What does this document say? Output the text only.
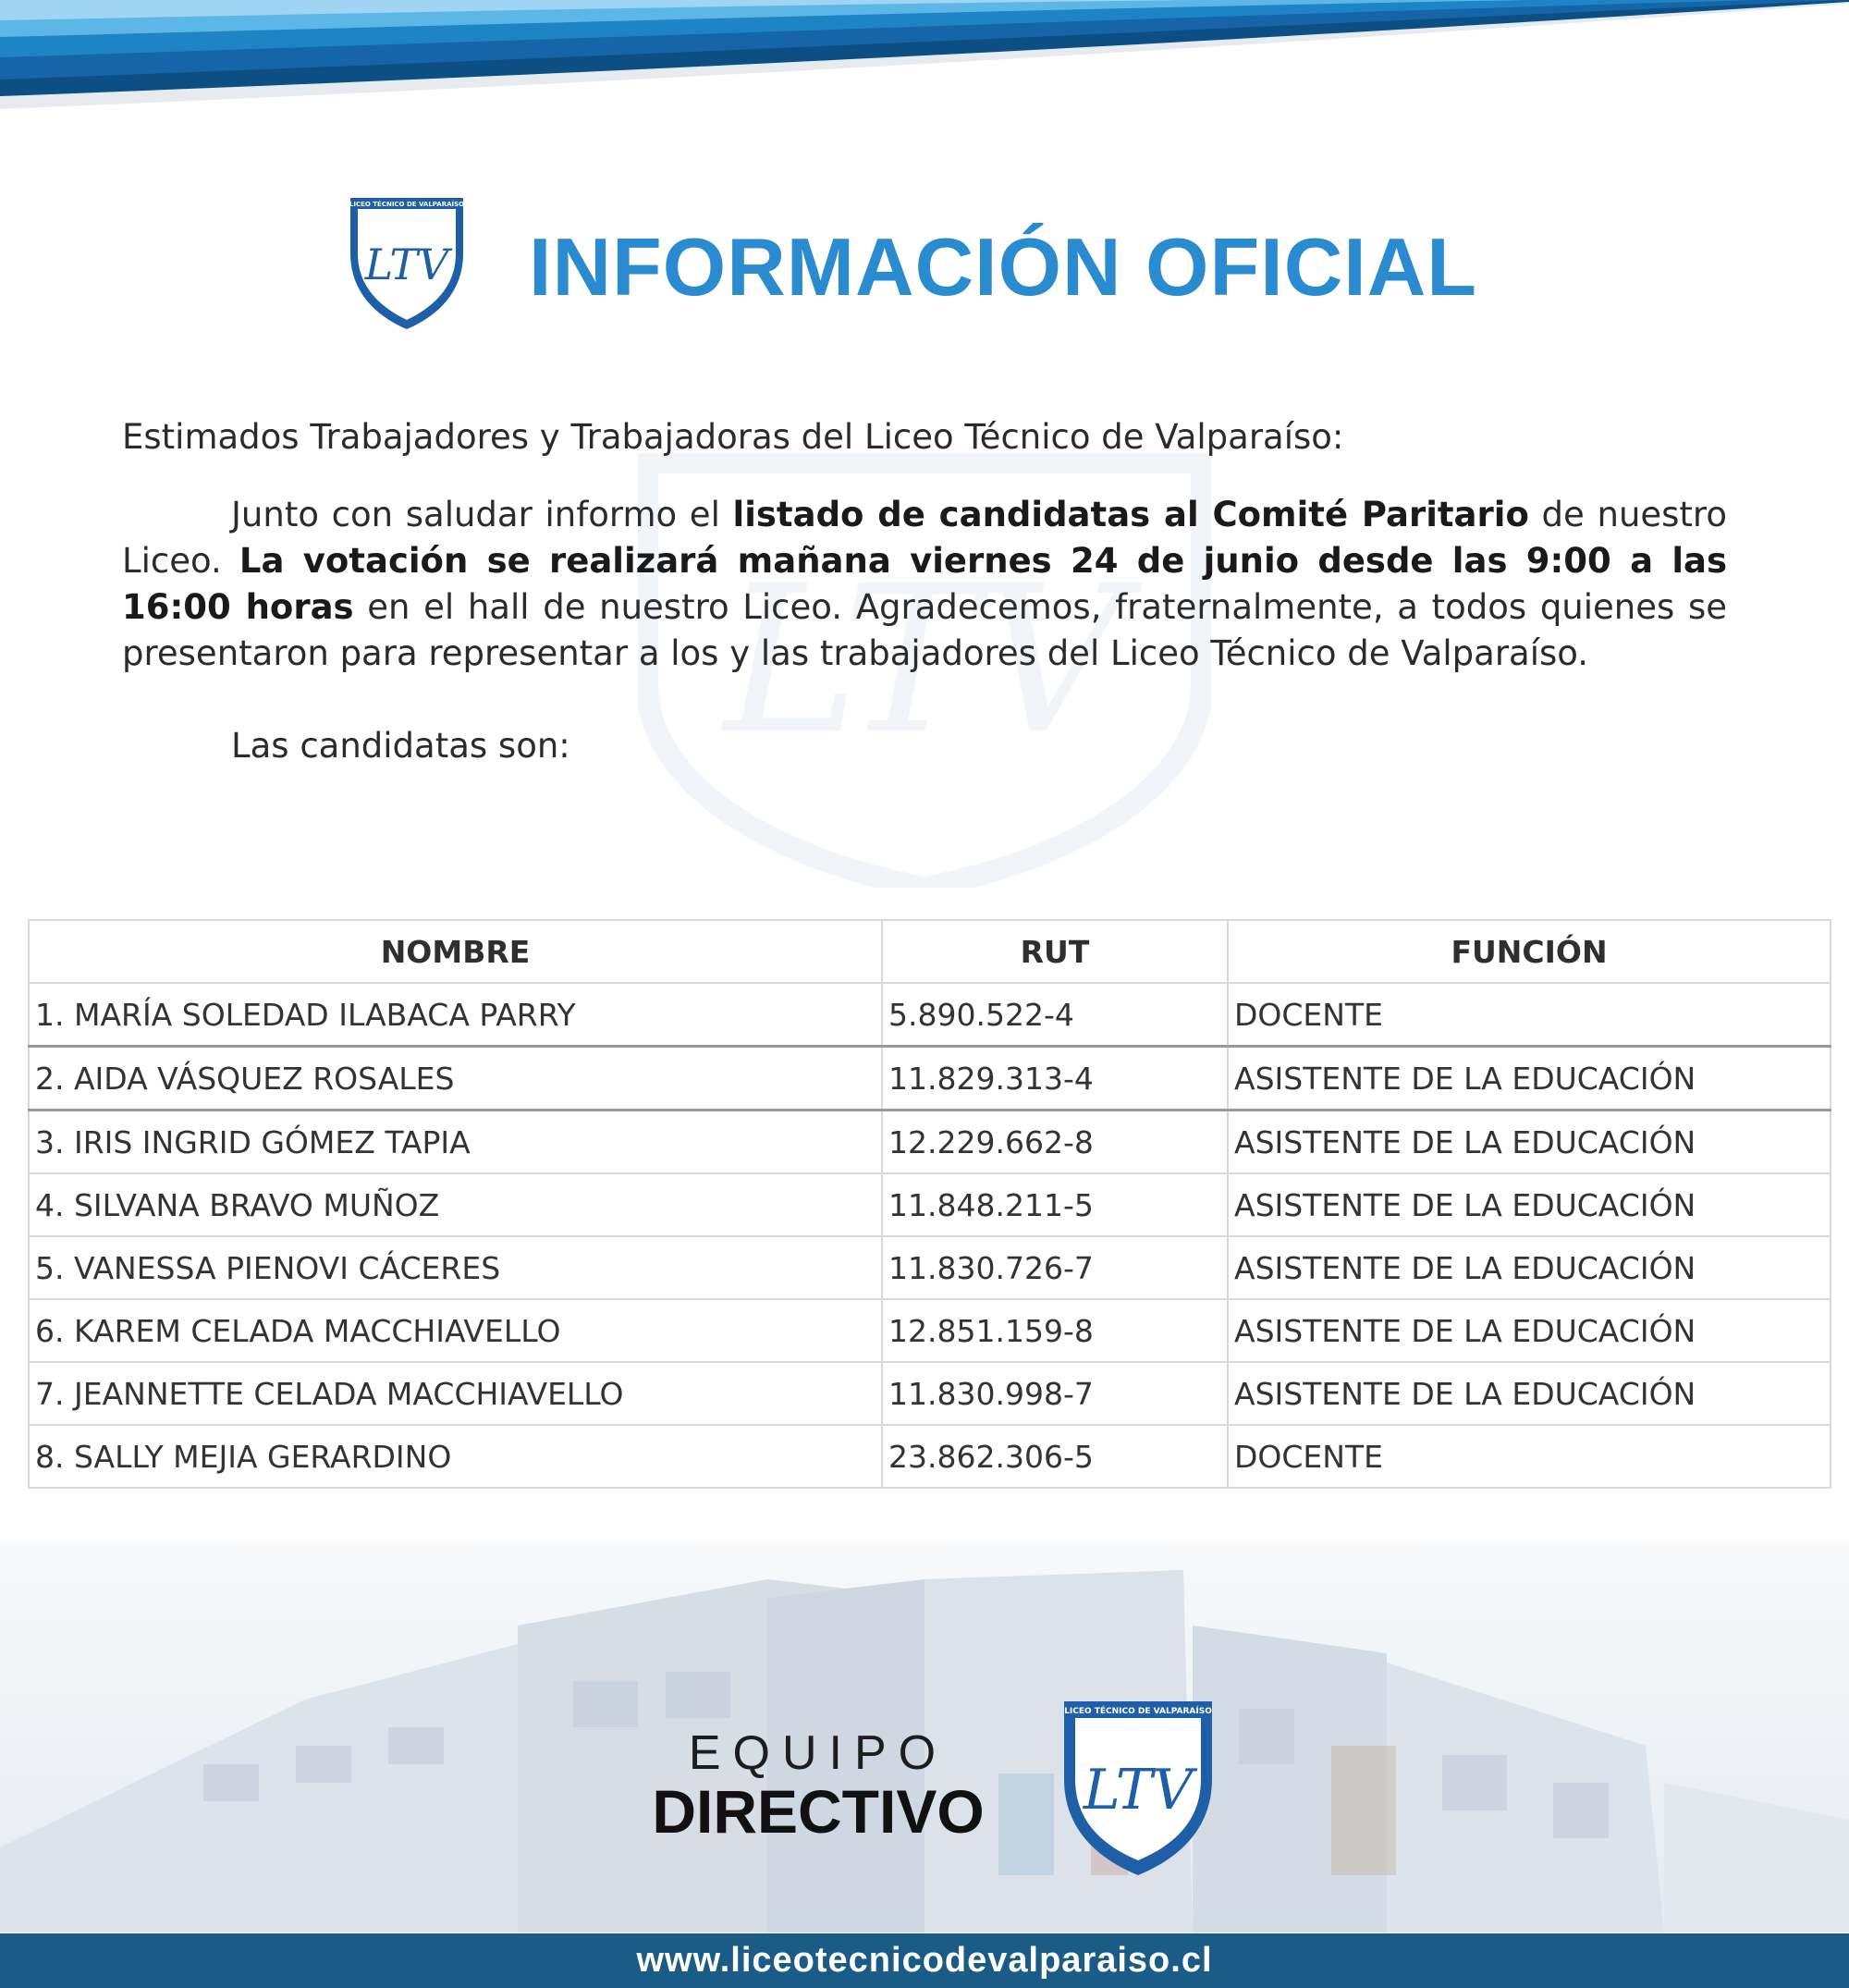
LICEO TÉCNICO DE VALPARAÍSO
LTV INFORMACIÓN OFICIAL
LTV

Estimados Trabajadores y Trabajadoras del Liceo Técnico de Valparaíso:

Junto con saludar informo el listado de candidatas al Comité Paritario de nuestro Liceo. La votación se realizará mañana viernes 24 de junio desde las 9:00 a las 16:00 horas en el hall de nuestro Liceo. Agradecemos, fraternalmente, a todos quienes se presentaron para representar a los y las trabajadores del Liceo Técnico de Valparaíso.

Las candidatas son:

NOMBRE	RUT	FUNCIÓN
1. MARÍA SOLEDAD ILABACA PARRY	5.890.522-4	DOCENTE
2. AIDA VÁSQUEZ ROSALES	11.829.313-4	ASISTENTE DE LA EDUCACIÓN
3. IRIS INGRID GÓMEZ TAPIA	12.229.662-8	ASISTENTE DE LA EDUCACIÓN
4. SILVANA BRAVO MUÑOZ	11.848.211-5	ASISTENTE DE LA EDUCACIÓN
5. VANESSA PIENOVI CÁCERES	11.830.726-7	ASISTENTE DE LA EDUCACIÓN
6. KAREM CELADA MACCHIAVELLO	12.851.159-8	ASISTENTE DE LA EDUCACIÓN
7. JEANNETTE CELADA MACCHIAVELLO	11.830.998-7	ASISTENTE DE LA EDUCACIÓN
8. SALLY MEJIA GERARDINO	23.862.306-5	DOCENTE
EQUIPO
DIRECTIVO
LICEO TÉCNICO DE VALPARAÍSO
LTV
www.liceotecnicodevalparaiso.cl
